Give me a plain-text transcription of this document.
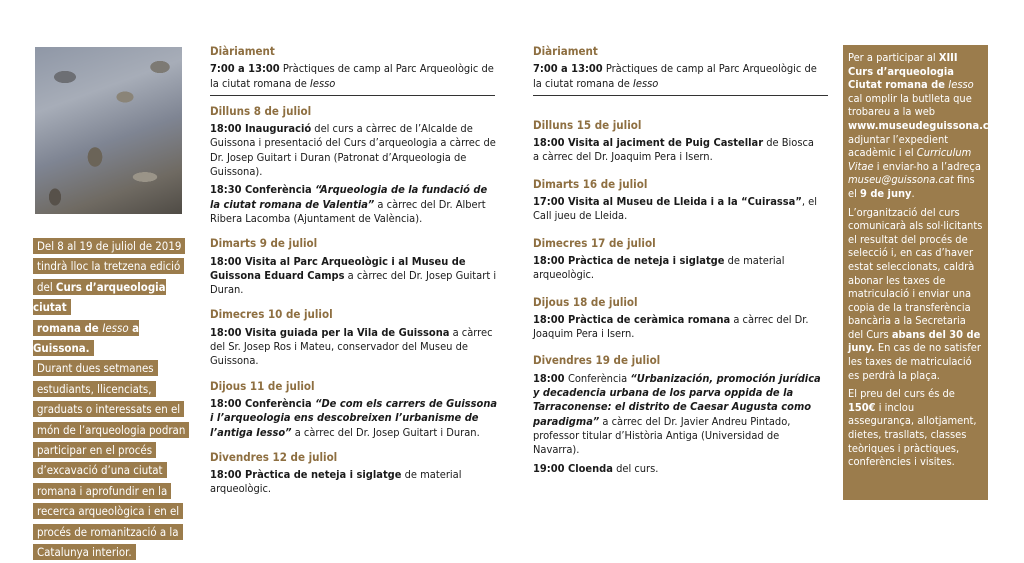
Del 8 al 19 de juliol de 2019
tindrà lloc la tretzena edició
del Curs d’arqueologia ciutat
romana de Iesso a Guissona.
Durant dues setmanes
estudiants, llicenciats,
graduats o interessats en el
món de l’arqueologia podran
participar en el procés
d’excavació d’una ciutat
romana i aprofundir en la
recerca arqueològica i en el
procés de romanització a la
Catalunya interior.
Diàriament
7:00 a 13:00 Pràctiques de camp al Parc Arqueològic de la ciutat romana de Iesso
Dilluns 8 de juliol
18:00 Inauguració del curs a càrrec de l’Alcalde de Guissona i presentació del Curs d’arqueologia a càrrec de Dr. Josep Guitart i Duran (Patronat d’Arqueologia de Guissona).
18:30 Conferència “Arqueologia de la fundació de la ciutat romana de Valentia” a càrrec del Dr. Albert Ribera Lacomba (Ajuntament de València).
Dimarts 9 de juliol
18:00 Visita al Parc Arqueològic i al Museu de Guissona Eduard Camps a càrrec del Dr. Josep Guitart i Duran.
Dimecres 10 de juliol
18:00 Visita guiada per la Vila de Guissona a càrrec del Sr. Josep Ros i Mateu, conservador del Museu de Guissona.
Dijous 11 de juliol
18:00 Conferència “De com els carrers de Guissona i l’arqueologia ens descobreixen l’urbanisme de l’antiga Iesso” a càrrec del Dr. Josep Guitart i Duran.
Divendres 12 de juliol
18:00 Pràctica de neteja i siglatge de material arqueològic.
Diàriament
7:00 a 13:00 Pràctiques de camp al Parc Arqueològic de la ciutat romana de Iesso
Dilluns 15 de juliol
18:00 Visita al jaciment de Puig Castellar de Biosca a càrrec del Dr. Joaquim Pera i Isern.
Dimarts 16 de juliol
17:00 Visita al Museu de Lleida i a la “Cuirassa”, el Call jueu de Lleida.
Dimecres 17 de juliol
18:00 Pràctica de neteja i siglatge de material arqueològic.
Dijous 18 de juliol
18:00 Pràctica de ceràmica romana a càrrec del Dr. Joaquim Pera i Isern.
Divendres 19 de juliol
18:00 Conferència “Urbanización, promoción jurídica y decadencia urbana de los parva oppida de la Tarraconense: el distrito de Caesar Augusta como paradigma” a càrrec del Dr. Javier Andreu Pintado, professor titular d’Història Antiga (Universidad de Navarra).
19:00 Cloenda del curs.

Per a participar al XIII Curs d’arqueologia Ciutat romana de Iesso cal omplir la butlleta que trobareu a la web www.museudeguissona.cat adjuntar l’expedient acadèmic i el Curriculum Vitae i enviar-ho a l’adreça museu@guissona.cat fins el 9 de juny.

L’organització del curs comunicarà als sol·licitants el resultat del procés de selecció i, en cas d’haver estat seleccionats, caldrà abonar les taxes de matriculació i enviar una copia de la transferència bancària a la Secretaria del Curs abans del 30 de juny. En cas de no satisfer les taxes de matriculació es perdrà la plaça.

El preu del curs és de 150€ i inclou assegurança, allotjament, dietes, trasllats, classes teòriques i pràctiques, conferències i visites.
